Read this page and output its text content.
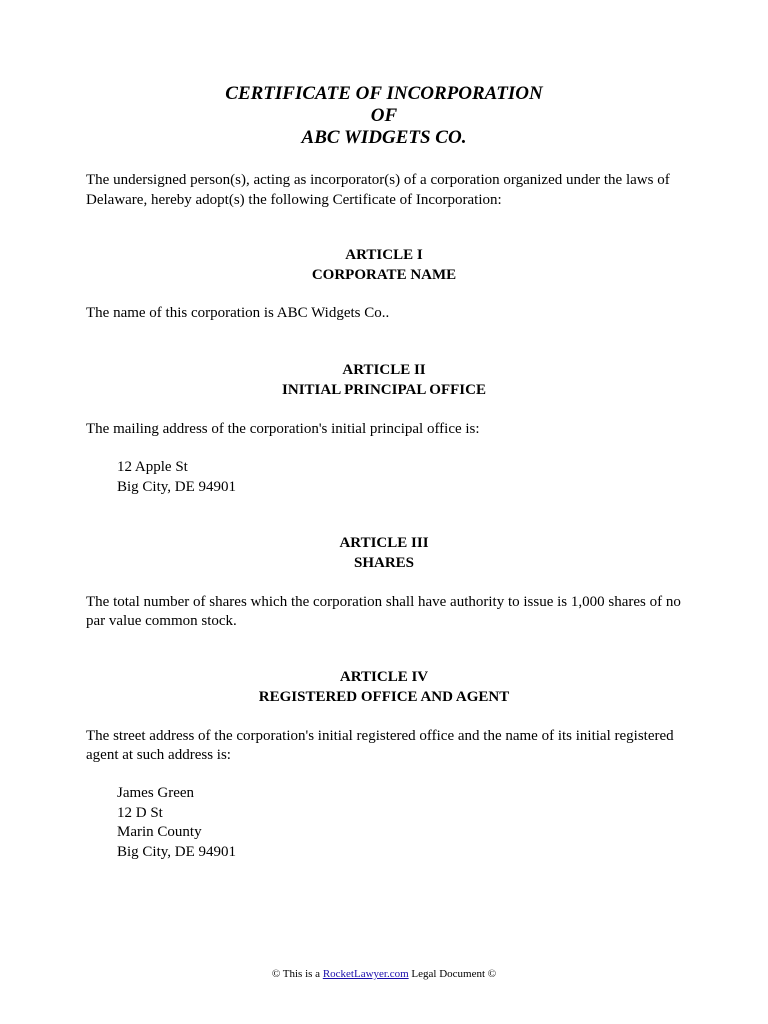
CERTIFICATE OF INCORPORATION
OF
ABC WIDGETS CO.
The undersigned person(s), acting as incorporator(s) of a corporation organized under the laws of Delaware, hereby adopt(s) the following Certificate of Incorporation:
ARTICLE I
CORPORATE NAME
The name of this corporation is ABC Widgets Co..
ARTICLE II
INITIAL PRINCIPAL OFFICE
The mailing address of the corporation's initial principal office is:
12 Apple St
Big City, DE 94901
ARTICLE III
SHARES
The total number of shares which the corporation shall have authority to issue is 1,000 shares of no par value common stock.
ARTICLE IV
REGISTERED OFFICE AND AGENT
The street address of the corporation's initial registered office and the name of its initial registered agent at such address is:
James Green
12 D St
Marin County
Big City, DE 94901
© This is a RocketLawyer.com Legal Document ©
